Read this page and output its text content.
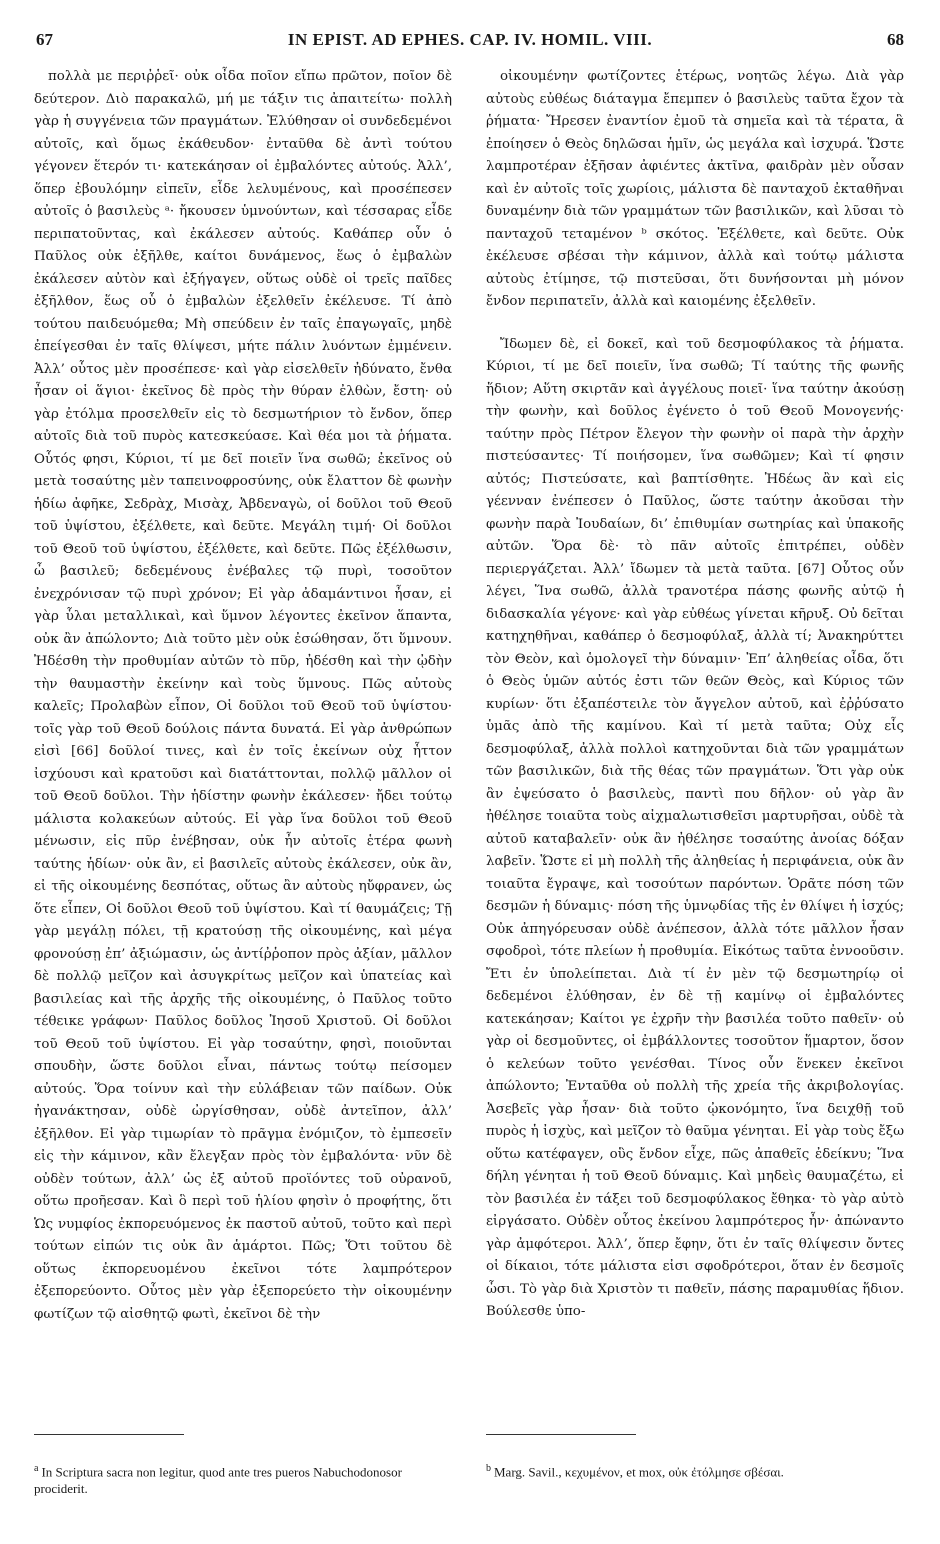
67	IN EPIST. AD EPHES. CAP. IV. HOMIL. VIII.	68

πολλὰ με περιῤῥεῖ· οὐκ οἶδα ποῖον εἴπω πρῶτον, ποῖον δὲ δεύτερον. Διὸ παρακαλῶ, μή με τάξιν τις ἀπαιτείτω· πολλὴ γὰρ ἡ συγγένεια τῶν πραγμάτων. Ἐλύθησαν οἱ συνδεδεμένοι αὐτοῖς, καὶ ὅμως ἐκάθευδον· ἐνταῦθα δὲ ἀντὶ τούτου γέγονεν ἕτερόν τι· κατεκάησαν οἱ ἐμβαλόντες αὐτούς. Ἀλλ’, ὅπερ ἐβουλόμην εἰπεῖν, εἶδε λελυμένους, καὶ προσέπεσεν αὐτοῖς ὁ βασιλεὺς ᵃ· ἤκουσεν ὑμνούντων, καὶ τέσσαρας εἶδε περιπατοῦντας, καὶ ἐκάλεσεν αὐτούς. Καθάπερ οὖν ὁ Παῦλος οὐκ ἐξῆλθε, καίτοι δυνάμενος, ἕως ὁ ἐμβαλὼν ἐκάλεσεν αὐτὸν καὶ ἐξήγαγεν, οὕτως οὐδὲ οἱ τρεῖς παῖδες ἐξῆλθον, ἕως οὗ ὁ ἐμβαλὼν ἐξελθεῖν ἐκέλευσε. Τί ἀπὸ τούτου παιδευόμεθα; Μὴ σπεύδειν ἐν ταῖς ἐπαγωγαῖς, μηδὲ ἐπείγεσθαι ἐν ταῖς θλίψεσι, μήτε πάλιν λυόντων ἐμμένειν. Ἀλλ’ οὗτος μὲν προσέπεσε· καὶ γὰρ εἰσελθεῖν ἠδύνατο, ἔνθα ἦσαν οἱ ἅγιοι· ἐκεῖνος δὲ πρὸς τὴν θύραν ἐλθὼν, ἔστη· οὐ γὰρ ἐτόλμα προσελθεῖν εἰς τὸ δεσμωτήριον τὸ ἔνδον, ὅπερ αὐτοῖς διὰ τοῦ πυρὸς κατεσκεύασε. Καὶ θέα μοι τὰ ῥήματα. Οὗτός φησι, Κύριοι, τί με δεῖ ποιεῖν ἵνα σωθῶ; ἐκεῖνος οὐ μετὰ τοσαύτης μὲν ταπεινοφροσύνης, οὐκ ἔλαττον δὲ φωνὴν ἡδίω ἀφῆκε, Σεδρὰχ, Μισὰχ, Ἀβδεναγὼ, οἱ δοῦλοι τοῦ Θεοῦ τοῦ ὑψίστου, ἐξέλθετε, καὶ δεῦτε. Μεγάλη τιμή· Οἱ δοῦλοι τοῦ Θεοῦ τοῦ ὑψίστου, ἐξέλθετε, καὶ δεῦτε. Πῶς ἐξέλθωσιν, ὦ βασιλεῦ; δεδεμένους ἐνέβαλες τῷ πυρὶ, τοσοῦτον ἐνεχρόνισαν τῷ πυρὶ χρόνον; Εἰ γὰρ ἀδαμάντινοι ἦσαν, εἰ γὰρ ὗλαι μεταλλικαὶ, καὶ ὕμνον λέγοντες ἐκεῖνον ἅπαντα, οὐκ ἂν ἀπώλοντο; Διὰ τοῦτο μὲν οὐκ ἐσώθησαν, ὅτι ὕμνουν. Ἠδέσθη τὴν προθυμίαν αὐτῶν τὸ πῦρ, ἠδέσθη καὶ τὴν ᾠδὴν τὴν θαυμαστὴν ἐκείνην καὶ τοὺς ὕμνους. Πῶς αὐτοὺς καλεῖς; Προλαβὼν εἶπον, Οἱ δοῦλοι τοῦ Θεοῦ τοῦ ὑψίστου· τοῖς γὰρ τοῦ Θεοῦ δούλοις πάντα δυνατά. Εἰ γὰρ ἀνθρώπων εἰσὶ [66] δοῦλοί τινες, καὶ ἐν τοῖς ἐκείνων οὐχ ἧττον ἰσχύουσι καὶ κρατοῦσι καὶ διατάττονται, πολλῷ μᾶλλον οἱ τοῦ Θεοῦ δοῦλοι. Τὴν ἡδίστην φωνὴν ἐκάλεσεν· ἤδει τούτῳ μάλιστα κολακεύων αὐτούς. Εἰ γὰρ ἵνα δοῦλοι τοῦ Θεοῦ μένωσιν, εἰς πῦρ ἐνέβησαν, οὐκ ἦν αὐτοῖς ἑτέρα φωνὴ ταύτης ἡδίων· οὐκ ἂν, εἰ βασιλεῖς αὐτοὺς ἐκάλεσεν, οὐκ ἂν, εἰ τῆς οἰκουμένης δεσπότας, οὕτως ἂν αὐτοὺς ηὔφρανεν, ὡς ὅτε εἶπεν, Οἱ δοῦλοι Θεοῦ τοῦ ὑψίστου. Καὶ τί θαυμάζεις; Τῇ γὰρ μεγάλῃ πόλει, τῇ κρατούσῃ τῆς οἰκουμένης, καὶ μέγα φρονούσῃ ἐπ’ ἀξιώμασιν, ὡς ἀντίῤῥοπον πρὸς ἀξίαν, μᾶλλον δὲ πολλῷ μεῖζον καὶ ἀσυγκρίτως μεῖζον καὶ ὑπατείας καὶ βασιλείας καὶ τῆς ἀρχῆς τῆς οἰκουμένης, ὁ Παῦλος τοῦτο τέθεικε γράφων· Παῦλος δοῦλος Ἰησοῦ Χριστοῦ. Οἱ δοῦλοι τοῦ Θεοῦ τοῦ ὑψίστου. Εἰ γὰρ τοσαύτην, φησὶ, ποιοῦνται σπουδὴν, ὥστε δοῦλοι εἶναι, πάντως τούτῳ πείσομεν αὐτούς. Ὅρα τοίνυν καὶ τὴν εὐλάβειαν τῶν παίδων. Οὐκ ἠγανάκτησαν, οὐδὲ ὠργίσθησαν, οὐδὲ ἀντεῖπον, ἀλλ’ ἐξῆλθον. Εἰ γὰρ τιμωρίαν τὸ πρᾶγμα ἐνόμιζον, τὸ ἐμπεσεῖν εἰς τὴν κάμινον, κἂν ἔλεγξαν πρὸς τὸν ἐμβαλόντα· νῦν δὲ οὐδὲν τούτων, ἀλλ’ ὡς ἐξ αὐτοῦ προϊόντες τοῦ οὐρανοῦ, οὕτω προῆεσαν. Καὶ ὃ περὶ τοῦ ἡλίου φησὶν ὁ προφήτης, ὅτι Ὡς νυμφίος ἐκπορευόμενος ἐκ παστοῦ αὐτοῦ, τοῦτο καὶ περὶ τούτων εἰπών τις οὐκ ἂν ἁμάρτοι. Πῶς; Ὅτι τοῦτου δὲ οὕτως ἐκπορευομένου ἐκεῖνοι τότε λαμπρότερον ἐξεπορεύοντο. Οὗτος μὲν γὰρ ἐξεπορεύετο τὴν οἰκουμένην φωτίζων τῷ αἰσθητῷ φωτὶ, ἐκεῖνοι δὲ τὴν

οἰκουμένην φωτίζοντες ἑτέρως, νοητῶς λέγω. Διὰ γὰρ αὐτοὺς εὐθέως διάταγμα ἔπεμπεν ὁ βασιλεὺς ταῦτα ἔχον τὰ ῥήματα· Ἤρεσεν ἐναντίον ἐμοῦ τὰ σημεῖα καὶ τὰ τέρατα, ἃ ἐποίησεν ὁ Θεὸς δηλῶσαι ἡμῖν, ὡς μεγάλα καὶ ἰσχυρά. Ὥστε λαμπροτέραν ἐξῆσαν ἀφιέντες ἀκτῖνα, φαιδρὰν μὲν οὖσαν καὶ ἐν αὐτοῖς τοῖς χωρίοις, μάλιστα δὲ πανταχοῦ ἐκταθῆναι δυναμένην διὰ τῶν γραμμάτων τῶν βασιλικῶν, καὶ λῦσαι τὸ πανταχοῦ τεταμένον ᵇ σκότος. Ἐξέλθετε, καὶ δεῦτε. Οὐκ ἐκέλευσε σβέσαι τὴν κάμινον, ἀλλὰ καὶ τούτῳ μάλιστα αὐτοὺς ἐτίμησε, τῷ πιστεῦσαι, ὅτι δυνήσονται μὴ μόνον ἔνδον περιπατεῖν, ἀλλὰ καὶ καιομένης ἐξελθεῖν.

Ἴδωμεν δὲ, εἰ δοκεῖ, καὶ τοῦ δεσμοφύλακος τὰ ῥήματα. Κύριοι, τί με δεῖ ποιεῖν, ἵνα σωθῶ; Τί ταύτης τῆς φωνῆς ἥδιον; Αὕτη σκιρτᾶν καὶ ἀγγέλους ποιεῖ· ἵνα ταύτην ἀκούσῃ τὴν φωνὴν, καὶ δοῦλος ἐγένετο ὁ τοῦ Θεοῦ Μονογενής· ταύτην πρὸς Πέτρον ἔλεγον τὴν φωνὴν οἱ παρὰ τὴν ἀρχὴν πιστεύσαντες· Τί ποιήσομεν, ἵνα σωθῶμεν; Καὶ τί φησιν αὐτός; Πιστεύσατε, καὶ βαπτίσθητε. Ἠδέως ἂν καὶ εἰς γέενναν ἐνέπεσεν ὁ Παῦλος, ὥστε ταύτην ἀκοῦσαι τὴν φωνὴν παρὰ Ἰουδαίων, δι’ ἐπιθυμίαν σωτηρίας καὶ ὑπακοῆς αὐτῶν. Ὅρα δὲ· τὸ πᾶν αὐτοῖς ἐπιτρέπει, οὐδὲν περιεργάζεται. Ἀλλ’ ἴδωμεν τὰ μετὰ ταῦτα. [67] Οὗτος οὖν λέγει, Ἵνα σωθῶ, ἀλλὰ τρανοτέρα πάσης φωνῆς αὐτῷ ἡ διδασκαλία γέγονε· καὶ γὰρ εὐθέως γίνεται κῆρυξ. Οὐ δεῖται κατηχηθῆναι, καθάπερ ὁ δεσμοφύλαξ, ἀλλὰ τί; Ἀνακηρύττει τὸν Θεὸν, καὶ ὁμολογεῖ τὴν δύναμιν· Ἐπ’ ἀληθείας οἶδα, ὅτι ὁ Θεὸς ὑμῶν αὐτός ἐστι τῶν θεῶν Θεὸς, καὶ Κύριος τῶν κυρίων· ὅτι ἐξαπέστειλε τὸν ἄγγελον αὐτοῦ, καὶ ἐῤῥύσατο ὑμᾶς ἀπὸ τῆς καμίνου. Καὶ τί μετὰ ταῦτα; Οὐχ εἷς δεσμοφύλαξ, ἀλλὰ πολλοὶ κατηχοῦνται διὰ τῶν γραμμάτων τῶν βασιλικῶν, διὰ τῆς θέας τῶν πραγμάτων. Ὅτι γὰρ οὐκ ἂν ἐψεύσατο ὁ βασιλεὺς, παντὶ που δῆλον· οὐ γὰρ ἂν ἠθέλησε τοιαῦτα τοὺς αἰχμαλωτισθεῖσι μαρτυρῆσαι, οὐδὲ τὰ αὐτοῦ καταβαλεῖν· οὐκ ἂν ἠθέλησε τοσαύτης ἀνοίας δόξαν λαβεῖν. Ὥστε εἰ μὴ πολλὴ τῆς ἀληθείας ἡ περιφάνεια, οὐκ ἂν τοιαῦτα ἔγραψε, καὶ τοσούτων παρόντων. Ὁρᾶτε πόση τῶν δεσμῶν ἡ δύναμις· πόση τῆς ὑμνῳδίας τῆς ἐν θλίψει ἡ ἰσχύς; Οὐκ ἀπηγόρευσαν οὐδὲ ἀνέπεσον, ἀλλὰ τότε μᾶλλον ἦσαν σφοδροὶ, τότε πλείων ἡ προθυμία. Εἰκότως ταῦτα ἐννοοῦσιν. Ἔτι ἐν ὑπολείπεται. Διὰ τί ἐν μὲν τῷ δεσμωτηρίῳ οἱ δεδεμένοι ἐλύθησαν, ἐν δὲ τῇ καμίνῳ οἱ ἐμβαλόντες κατεκάησαν; Καίτοι γε ἐχρῆν τὴν βασιλέα τοῦτο παθεῖν· οὐ γὰρ οἱ δεσμοῦντες, οἱ ἐμβάλλοντες τοσοῦτον ἥμαρτον, ὅσον ὁ κελεύων τοῦτο γενέσθαι. Τίνος οὖν ἕνεκεν ἐκεῖνοι ἀπώλοντο; Ἐνταῦθα οὐ πολλὴ τῆς χρεία τῆς ἀκριβολογίας. Ἀσεβεῖς γὰρ ἦσαν· διὰ τοῦτο ᾠκονόμητο, ἵνα δειχθῇ τοῦ πυρὸς ἡ ἰσχὺς, καὶ μεῖζον τὸ θαῦμα γένηται. Εἰ γὰρ τοὺς ἔξω οὕτω κατέφαγεν, οὓς ἔνδον εἶχε, πῶς ἀπαθεῖς ἐδείκνυ; Ἵνα δήλη γένηται ἡ τοῦ Θεοῦ δύναμις. Καὶ μηδεὶς θαυμαζέτω, εἰ τὸν βασιλέα ἐν τάξει τοῦ δεσμοφύλακος ἔθηκα· τὸ γὰρ αὐτὸ εἰργάσατο. Οὐδὲν οὗτος ἐκείνου λαμπρότερος ἦν· ἀπώναντο γὰρ ἀμφότεροι. Ἀλλ’, ὅπερ ἔφην, ὅτι ἐν ταῖς θλίψεσιν ὄντες οἱ δίκαιοι, τότε μάλιστα εἰσι σφοδρότεροι, ὅταν ἐν δεσμοῖς ὦσι. Τὸ γὰρ διὰ Χριστὸν τι παθεῖν, πάσης παραμυθίας ἥδιον. Βούλεσθε ὑπο-

$^a$ In Scriptura sacra non legitur, quod ante tres pueros Nabuchodonosor prociderit.
$^b$ Marg. Savil., κεχυμένον, et mox, οὐκ ἐτόλμησε σβέσαι.
